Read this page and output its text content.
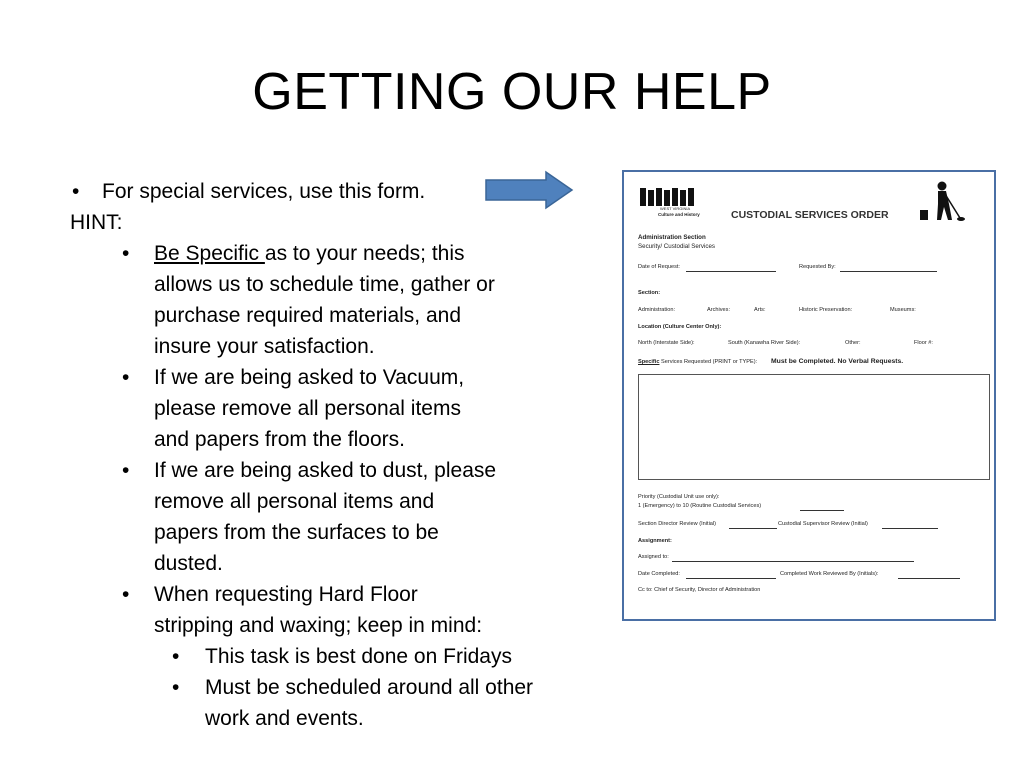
GETTING OUR HELP
• For special services, use this form.
HINT:
• Be Specific as to your needs; this allows us to schedule time, gather or purchase required materials, and insure your satisfaction.
• If we are being asked to Vacuum, please remove all personal items and papers from the floors.
• If we are being asked to dust, please remove all personal items and papers from the surfaces to be dusted.
• When requesting Hard Floor stripping and waxing; keep in mind:
• This task is best done on Fridays
• Must be scheduled around all other work and events.
WEST VIRGINIA
Culture and History	CUSTODIAL SERVICES ORDER
Administration Section
Security/ Custodial Services
Date of Request:	Requested By:
Section:
Administration:	Archives:	Arts:	Historic Preservation:	Museums:
Location (Culture Center Only):
North (Interstate Side):	South (Kanawha River Side):	Other:	Floor #:
Specific Services Requested (PRINT or TYPE): Must be Completed. No Verbal Requests.
Priority (Custodial Unit use only):
1 (Emergency) to 10 (Routine Custodial Services)
Section Director Review (Initial)	Custodial Supervisor Review (Initial)
Assignment:
Assigned to:
Date Completed:	Completed Work Reviewed By (Initials):
Cc to: Chief of Security, Director of Administration
